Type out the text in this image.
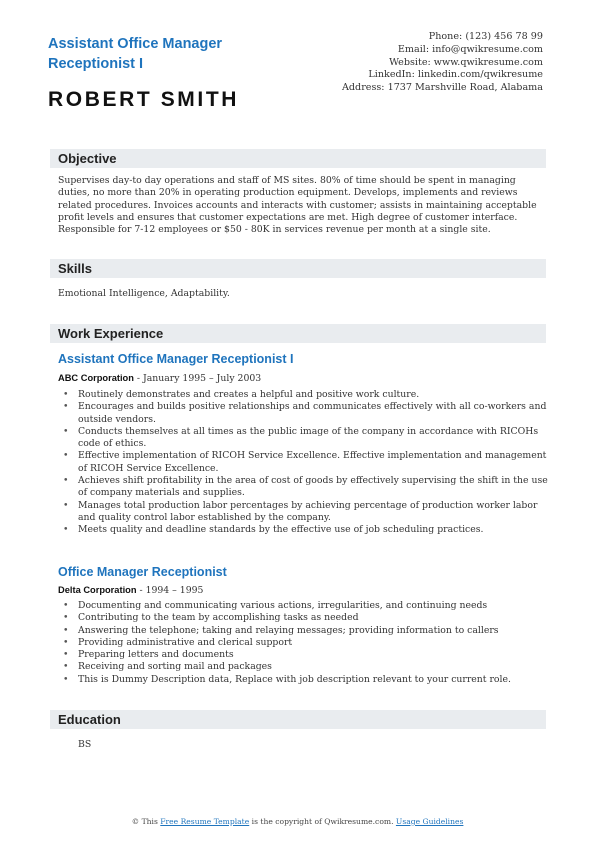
Assistant Office Manager Receptionist I
ROBERT SMITH
Phone: (123) 456 78 99
Email: info@qwikresume.com
Website: www.qwikresume.com
LinkedIn: linkedin.com/qwikresume
Address: 1737 Marshville Road, Alabama
Objective

Supervises day-to day operations and staff of MS sites. 80% of time should be spent in managing duties, no more than 20% in operating production equipment. Develops, implements and reviews related procedures. Invoices accounts and interacts with customer; assists in maintaining acceptable profit levels and ensures that customer expectations are met. High degree of customer interface. Responsible for 7-12 employees or $50 - 80K in services revenue per month at a single site.

Skills

Emotional Intelligence, Adaptability.

Work Experience
Assistant Office Manager Receptionist I
ABC Corporation - January 1995 – July 2003
• Routinely demonstrates and creates a helpful and positive work culture.
• Encourages and builds positive relationships and communicates effectively with all co-workers and outside vendors.
• Conducts themselves at all times as the public image of the company in accordance with RICOHs code of ethics.
• Effective implementation of RICOH Service Excellence. Effective implementation and management of RICOH Service Excellence.
• Achieves shift profitability in the area of cost of goods by effectively supervising the shift in the use of company materials and supplies.
• Manages total production labor percentages by achieving percentage of production worker labor and quality control labor established by the company.
• Meets quality and deadline standards by the effective use of job scheduling practices.
Office Manager Receptionist
Delta Corporation - 1994 – 1995
• Documenting and communicating various actions, irregularities, and continuing needs
• Contributing to the team by accomplishing tasks as needed
• Answering the telephone; taking and relaying messages; providing information to callers
• Providing administrative and clerical support
• Preparing letters and documents
• Receiving and sorting mail and packages
• This is Dummy Description data, Replace with job description relevant to your current role.
Education
BS
© This Free Resume Template is the copyright of Qwikresume.com. Usage Guidelines
